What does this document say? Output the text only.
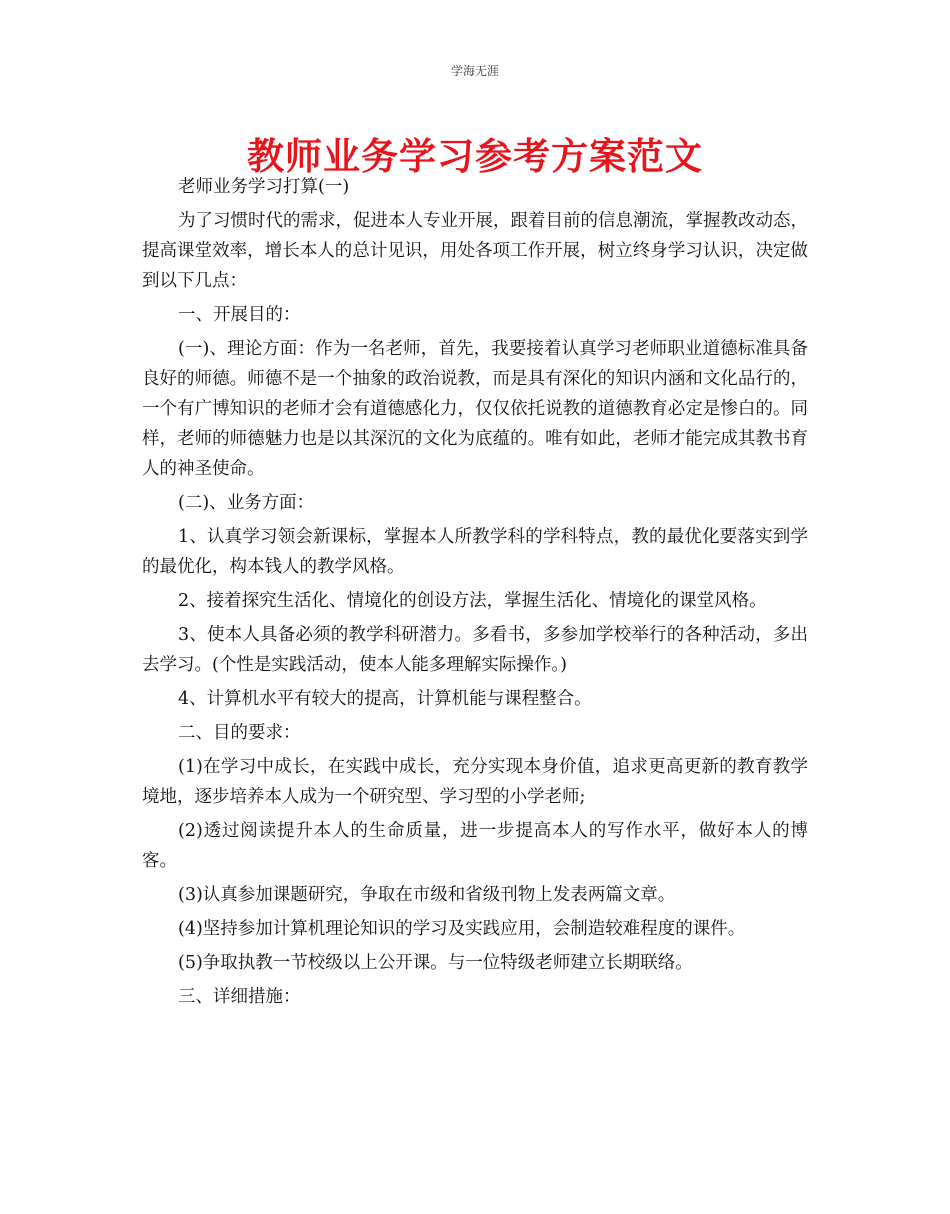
学海无涯
教师业务学习参考方案范文

老师业务学习打算(一)

为了习惯时代的需求，促进本人专业开展，跟着目前的信息潮流，掌握教改动态，提高课堂效率，增长本人的总计见识，用处各项工作开展，树立终身学习认识，决定做到以下几点：

一、开展目的：

(一)、理论方面：作为一名老师，首先，我要接着认真学习老师职业道德标准具备良好的师德。师德不是一个抽象的政治说教，而是具有深化的知识内涵和文化品行的，一个有广博知识的老师才会有道德感化力，仅仅依托说教的道德教育必定是惨白的。同样，老师的师德魅力也是以其深沉的文化为底蕴的。唯有如此，老师才能完成其教书育人的神圣使命。

(二)、业务方面：

1、认真学习领会新课标，掌握本人所教学科的学科特点，教的最优化要落实到学的最优化，构本钱人的教学风格。

2、接着探究生活化、情境化的创设方法，掌握生活化、情境化的课堂风格。

3、使本人具备必须的教学科研潜力。多看书，多参加学校举行的各种活动，多出去学习。(个性是实践活动，使本人能多理解实际操作。)

4、计算机水平有较大的提高，计算机能与课程整合。

二、目的要求：

(1)在学习中成长，在实践中成长，充分实现本身价值，追求更高更新的教育教学境地，逐步培养本人成为一个研究型、学习型的小学老师;

(2)透过阅读提升本人的生命质量，进一步提高本人的写作水平，做好本人的博客。

(3)认真参加课题研究，争取在市级和省级刊物上发表两篇文章。

(4)坚持参加计算机理论知识的学习及实践应用，会制造较难程度的课件。

(5)争取执教一节校级以上公开课。与一位特级老师建立长期联络。

三、详细措施：
